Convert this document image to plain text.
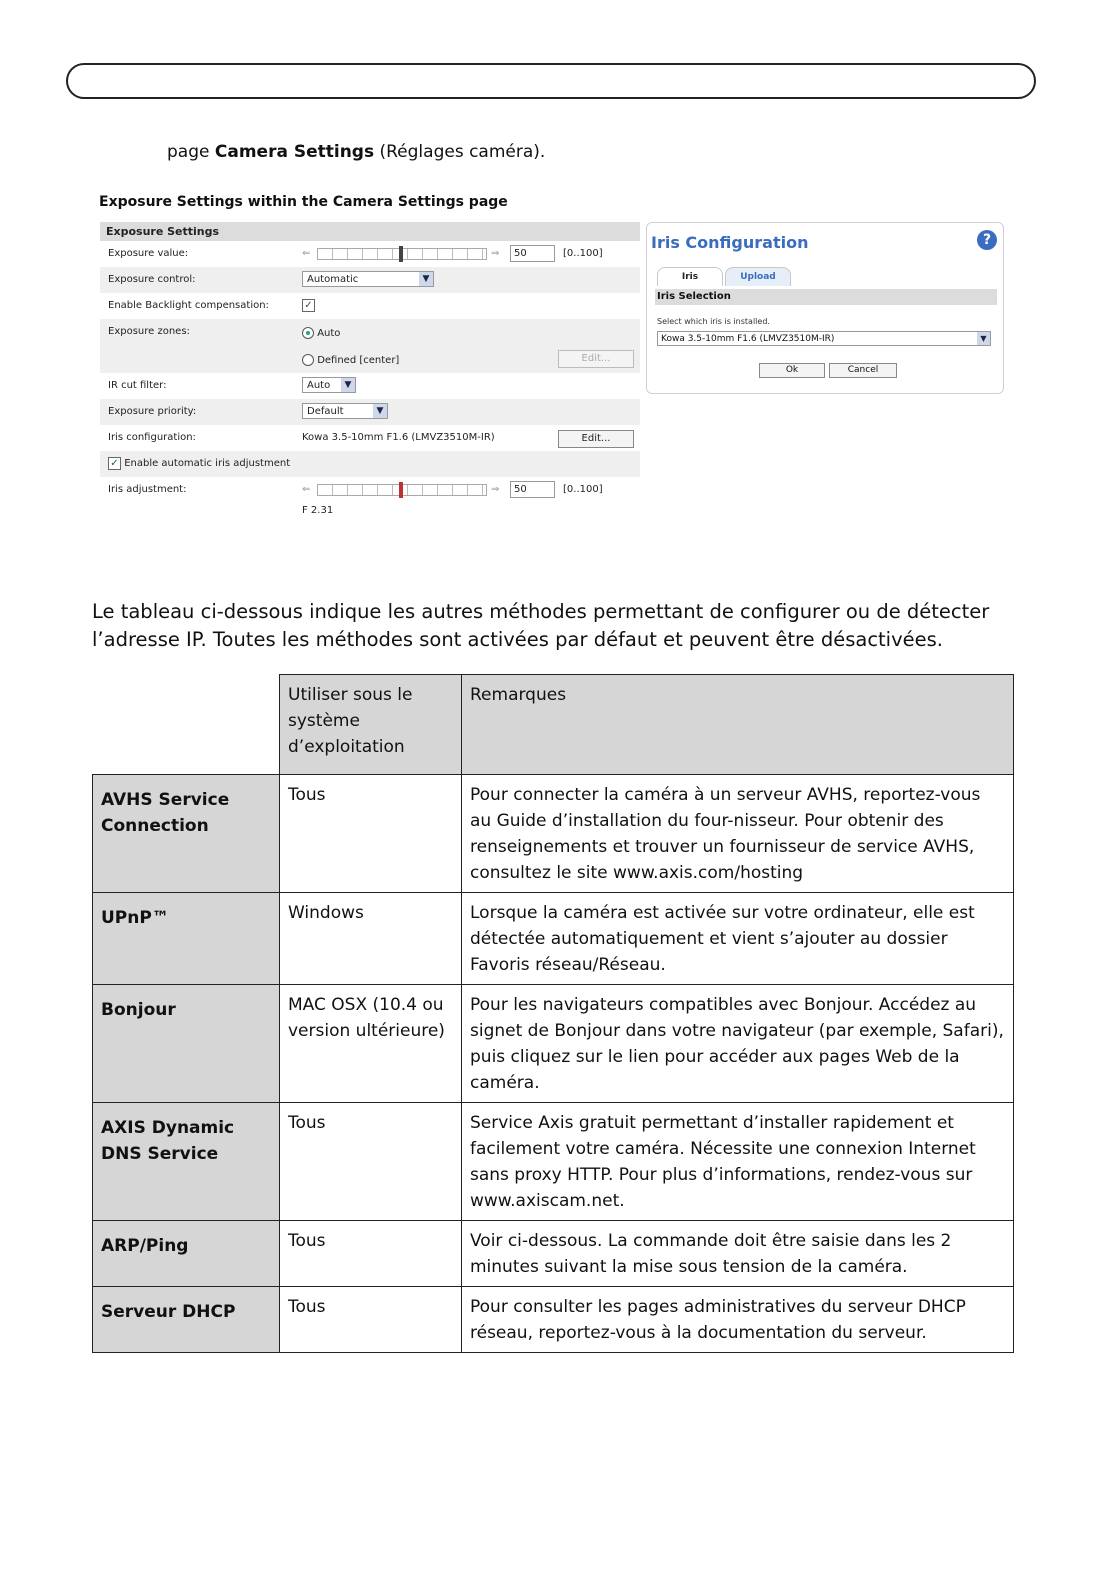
page Camera Settings (Réglages caméra).
Exposure Settings within the Camera Settings page
Exposure Settings
Exposure value:	⇐	⇒	50	[0..100]
Exposure control:	Automatic	▼
Enable Backlight compensation:	✓
Exposure zones:	Auto
Defined [center]	Edit...
IR cut filter:	Auto	▼
Exposure priority:	Default	▼
Iris configuration:	Kowa 3.5-10mm F1.6 (LMVZ3510M-IR)	Edit...
✓ Enable automatic iris adjustment
Iris adjustment:	⇐	⇒	50	[0..100]
F 2.31
Iris Configuration	?
Iris	Upload
Iris Selection
Select which iris is installed.
Kowa 3.5-10mm F1.6 (LMVZ3510M-IR)	▼
Ok	Cancel
Le tableau ci-dessous indique les autres méthodes permettant de configurer ou de détecter l’adresse IP. Toutes les méthodes sont activées par défaut et peuvent être désactivées.
	Utiliser sous le système d’exploitation	Remarques
AVHS Service Connection	Tous	Pour connecter la caméra à un serveur AVHS, reportez-vous au Guide d’installation du four-nisseur. Pour obtenir des renseignements et trouver un fournisseur de service AVHS, consultez le site www.axis.com/hosting
UPnP™	Windows	Lorsque la caméra est activée sur votre ordinateur, elle est détectée automatiquement et vient s’ajouter au dossier Favoris réseau/Réseau.
Bonjour	MAC OSX (10.4 ou version ultérieure)	Pour les navigateurs compatibles avec Bonjour. Accédez au signet de Bonjour dans votre navigateur (par exemple, Safari), puis cliquez sur le lien pour accéder aux pages Web de la caméra.
AXIS Dynamic DNS Service	Tous	Service Axis gratuit permettant d’installer rapidement et facilement votre caméra. Nécessite une connexion Internet sans proxy HTTP. Pour plus d’informations, rendez-vous sur www.axiscam.net.
ARP/Ping	Tous	Voir ci-dessous. La commande doit être saisie dans les 2 minutes suivant la mise sous tension de la caméra.
Serveur DHCP	Tous	Pour consulter les pages administratives du serveur DHCP réseau, reportez-vous à la documentation du serveur.
